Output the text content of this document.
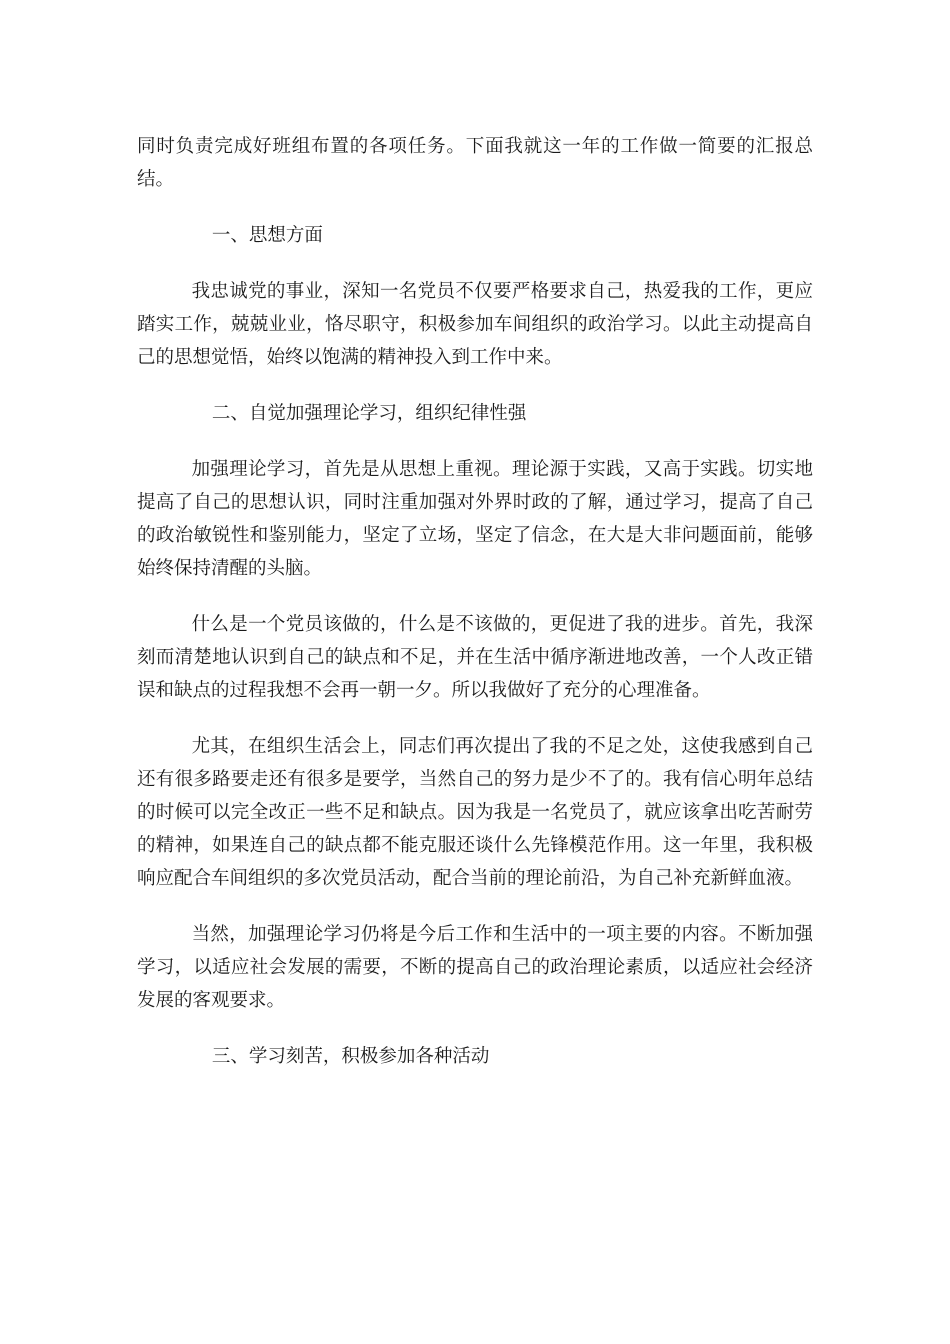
同时负责完成好班组布置的各项任务。下面我就这一年的工作做一简要的汇报总结。

一、思想方面

我忠诚党的事业，深知一名党员不仅要严格要求自己，热爱我的工作，更应踏实工作，兢兢业业，恪尽职守，积极参加车间组织的政治学习。以此主动提高自己的思想觉悟，始终以饱满的精神投入到工作中来。

二、自觉加强理论学习，组织纪律性强

加强理论学习，首先是从思想上重视。理论源于实践，又高于实践。切实地提高了自己的思想认识，同时注重加强对外界时政的了解，通过学习，提高了自己的政治敏锐性和鉴别能力，坚定了立场，坚定了信念，在大是大非问题面前，能够始终保持清醒的头脑。

什么是一个党员该做的，什么是不该做的，更促进了我的进步。首先，我深刻而清楚地认识到自己的缺点和不足，并在生活中循序渐进地改善，一个人改正错误和缺点的过程我想不会再一朝一夕。所以我做好了充分的心理准备。

尤其，在组织生活会上，同志们再次提出了我的不足之处，这使我感到自己还有很多路要走还有很多是要学，当然自己的努力是少不了的。我有信心明年总结的时候可以完全改正一些不足和缺点。因为我是一名党员了，就应该拿出吃苦耐劳的精神，如果连自己的缺点都不能克服还谈什么先锋模范作用。这一年里，我积极响应配合车间组织的多次党员活动，配合当前的理论前沿，为自己补充新鲜血液。

当然，加强理论学习仍将是今后工作和生活中的一项主要的内容。不断加强学习，以适应社会发展的需要，不断的提高自己的政治理论素质，以适应社会经济发展的客观要求。

三、学习刻苦，积极参加各种活动
